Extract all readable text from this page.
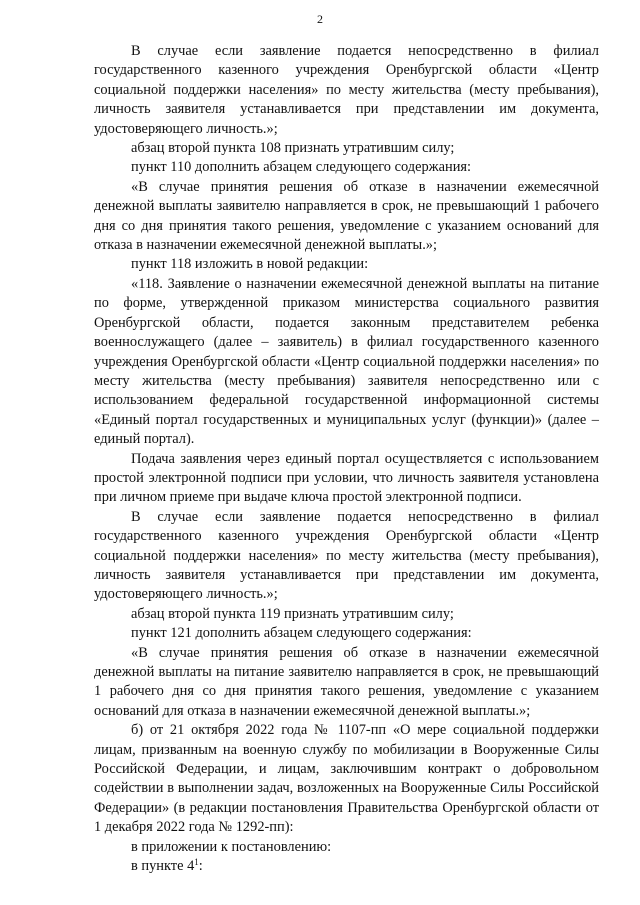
2

В случае если заявление подается непосредственно в филиал государственного казенного учреждения Оренбургской области «Центр социальной поддержки населения» по месту жительства (месту пребывания), личность заявителя устанавливается при представлении им документа, удостоверяющего личность.»;

абзац второй пункта 108 признать утратившим силу;

пункт 110 дополнить абзацем следующего содержания:

«В случае принятия решения об отказе в назначении ежемесячной денежной выплаты заявителю направляется в срок, не превышающий 1 рабочего дня со дня принятия такого решения, уведомление с указанием оснований для отказа в назначении ежемесячной денежной выплаты.»;

пункт 118 изложить в новой редакции:

«118. Заявление о назначении ежемесячной денежной выплаты на питание по форме, утвержденной приказом министерства социального развития Оренбургской области, подается законным представителем ребенка военнослужащего (далее – заявитель) в филиал государственного казенного учреждения Оренбургской области «Центр социальной поддержки населения» по месту жительства (месту пребывания) заявителя непосредственно или с использованием федеральной государственной информационной системы «Единый портал государственных и муниципальных услуг (функции)» (далее – единый портал).

Подача заявления через единый портал осуществляется с использованием простой электронной подписи при условии, что личность заявителя установлена при личном приеме при выдаче ключа простой электронной подписи.

В случае если заявление подается непосредственно в филиал государственного казенного учреждения Оренбургской области «Центр социальной поддержки населения» по месту жительства (месту пребывания), личность заявителя устанавливается при представлении им документа, удостоверяющего личность.»;

абзац второй пункта 119 признать утратившим силу;

пункт 121 дополнить абзацем следующего содержания:

«В случае принятия решения об отказе в назначении ежемесячной денежной выплаты на питание заявителю направляется в срок, не превышающий 1 рабочего дня со дня принятия такого решения, уведомление с указанием оснований для отказа в назначении ежемесячной денежной выплаты.»;

б) от 21 октября 2022 года № 1107-пп «О мере социальной поддержки лицам, призванным на военную службу по мобилизации в Вооруженные Силы Российской Федерации, и лицам, заключившим контракт о добровольном содействии в выполнении задач, возложенных на Вооруженные Силы Российской Федерации» (в редакции постановления Правительства Оренбургской области от 1 декабря 2022 года № 1292-пп):

в приложении к постановлению:

в пункте $4^1$:
